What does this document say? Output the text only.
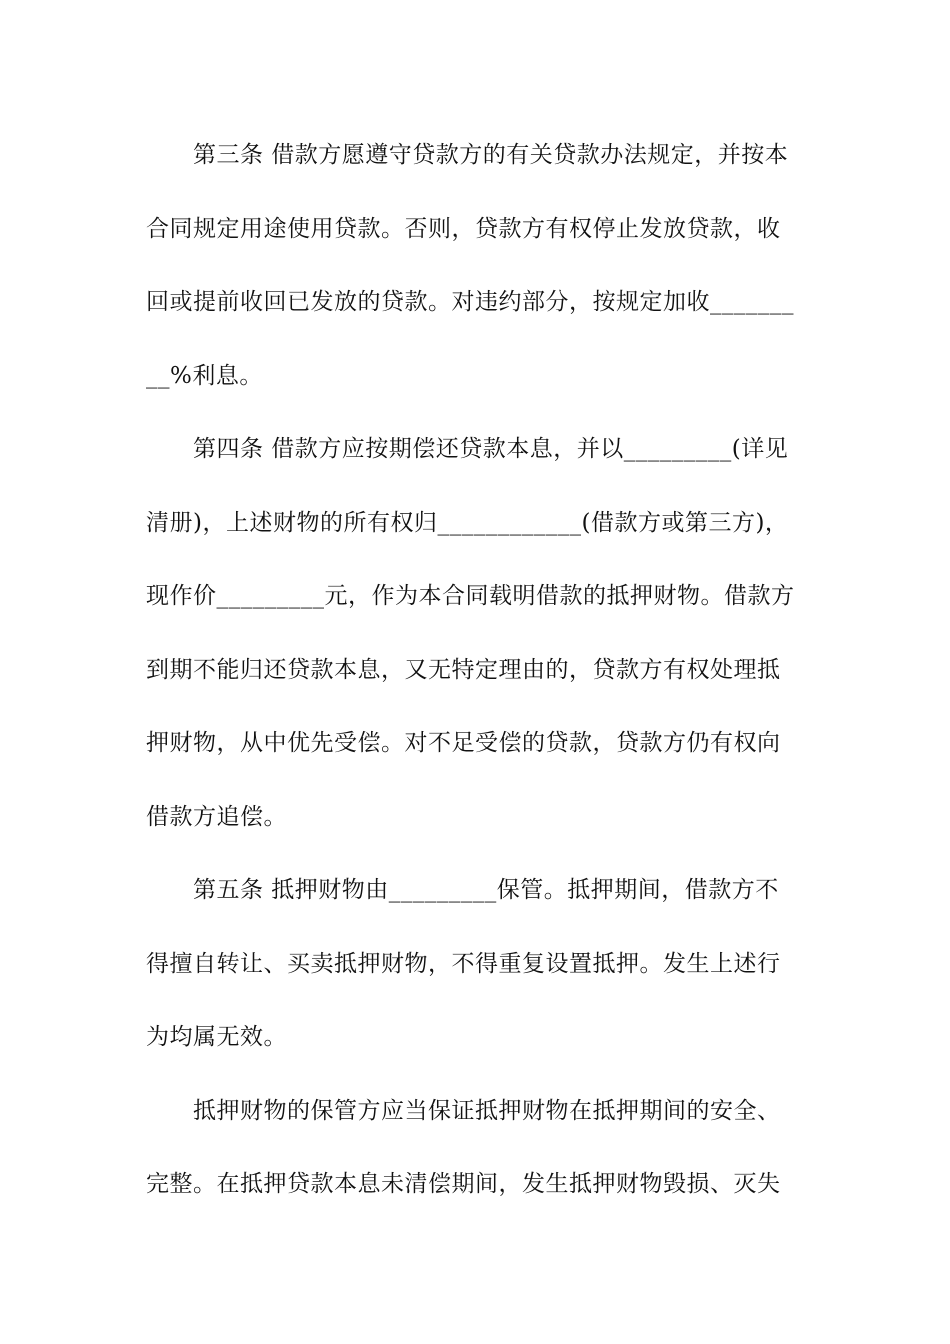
第三条 借款方愿遵守贷款方的有关贷款办法规定，并按本
合同规定用途使用贷款。否则，贷款方有权停止发放贷款，收
回或提前收回已发放的贷款。对违约部分，按规定加收_______
__%利息。
第四条 借款方应按期偿还贷款本息，并以_________(详见
清册)，上述财物的所有权归____________(借款方或第三方)，
现作价_________元，作为本合同载明借款的抵押财物。借款方
到期不能归还贷款本息，又无特定理由的，贷款方有权处理抵
押财物，从中优先受偿。对不足受偿的贷款，贷款方仍有权向
借款方追偿。
第五条 抵押财物由_________保管。抵押期间，借款方不
得擅自转让、买卖抵押财物，不得重复设置抵押。发生上述行
为均属无效。
抵押财物的保管方应当保证抵押财物在抵押期间的安全、
完整。在抵押贷款本息未清偿期间，发生抵押财物毁损、灭失
